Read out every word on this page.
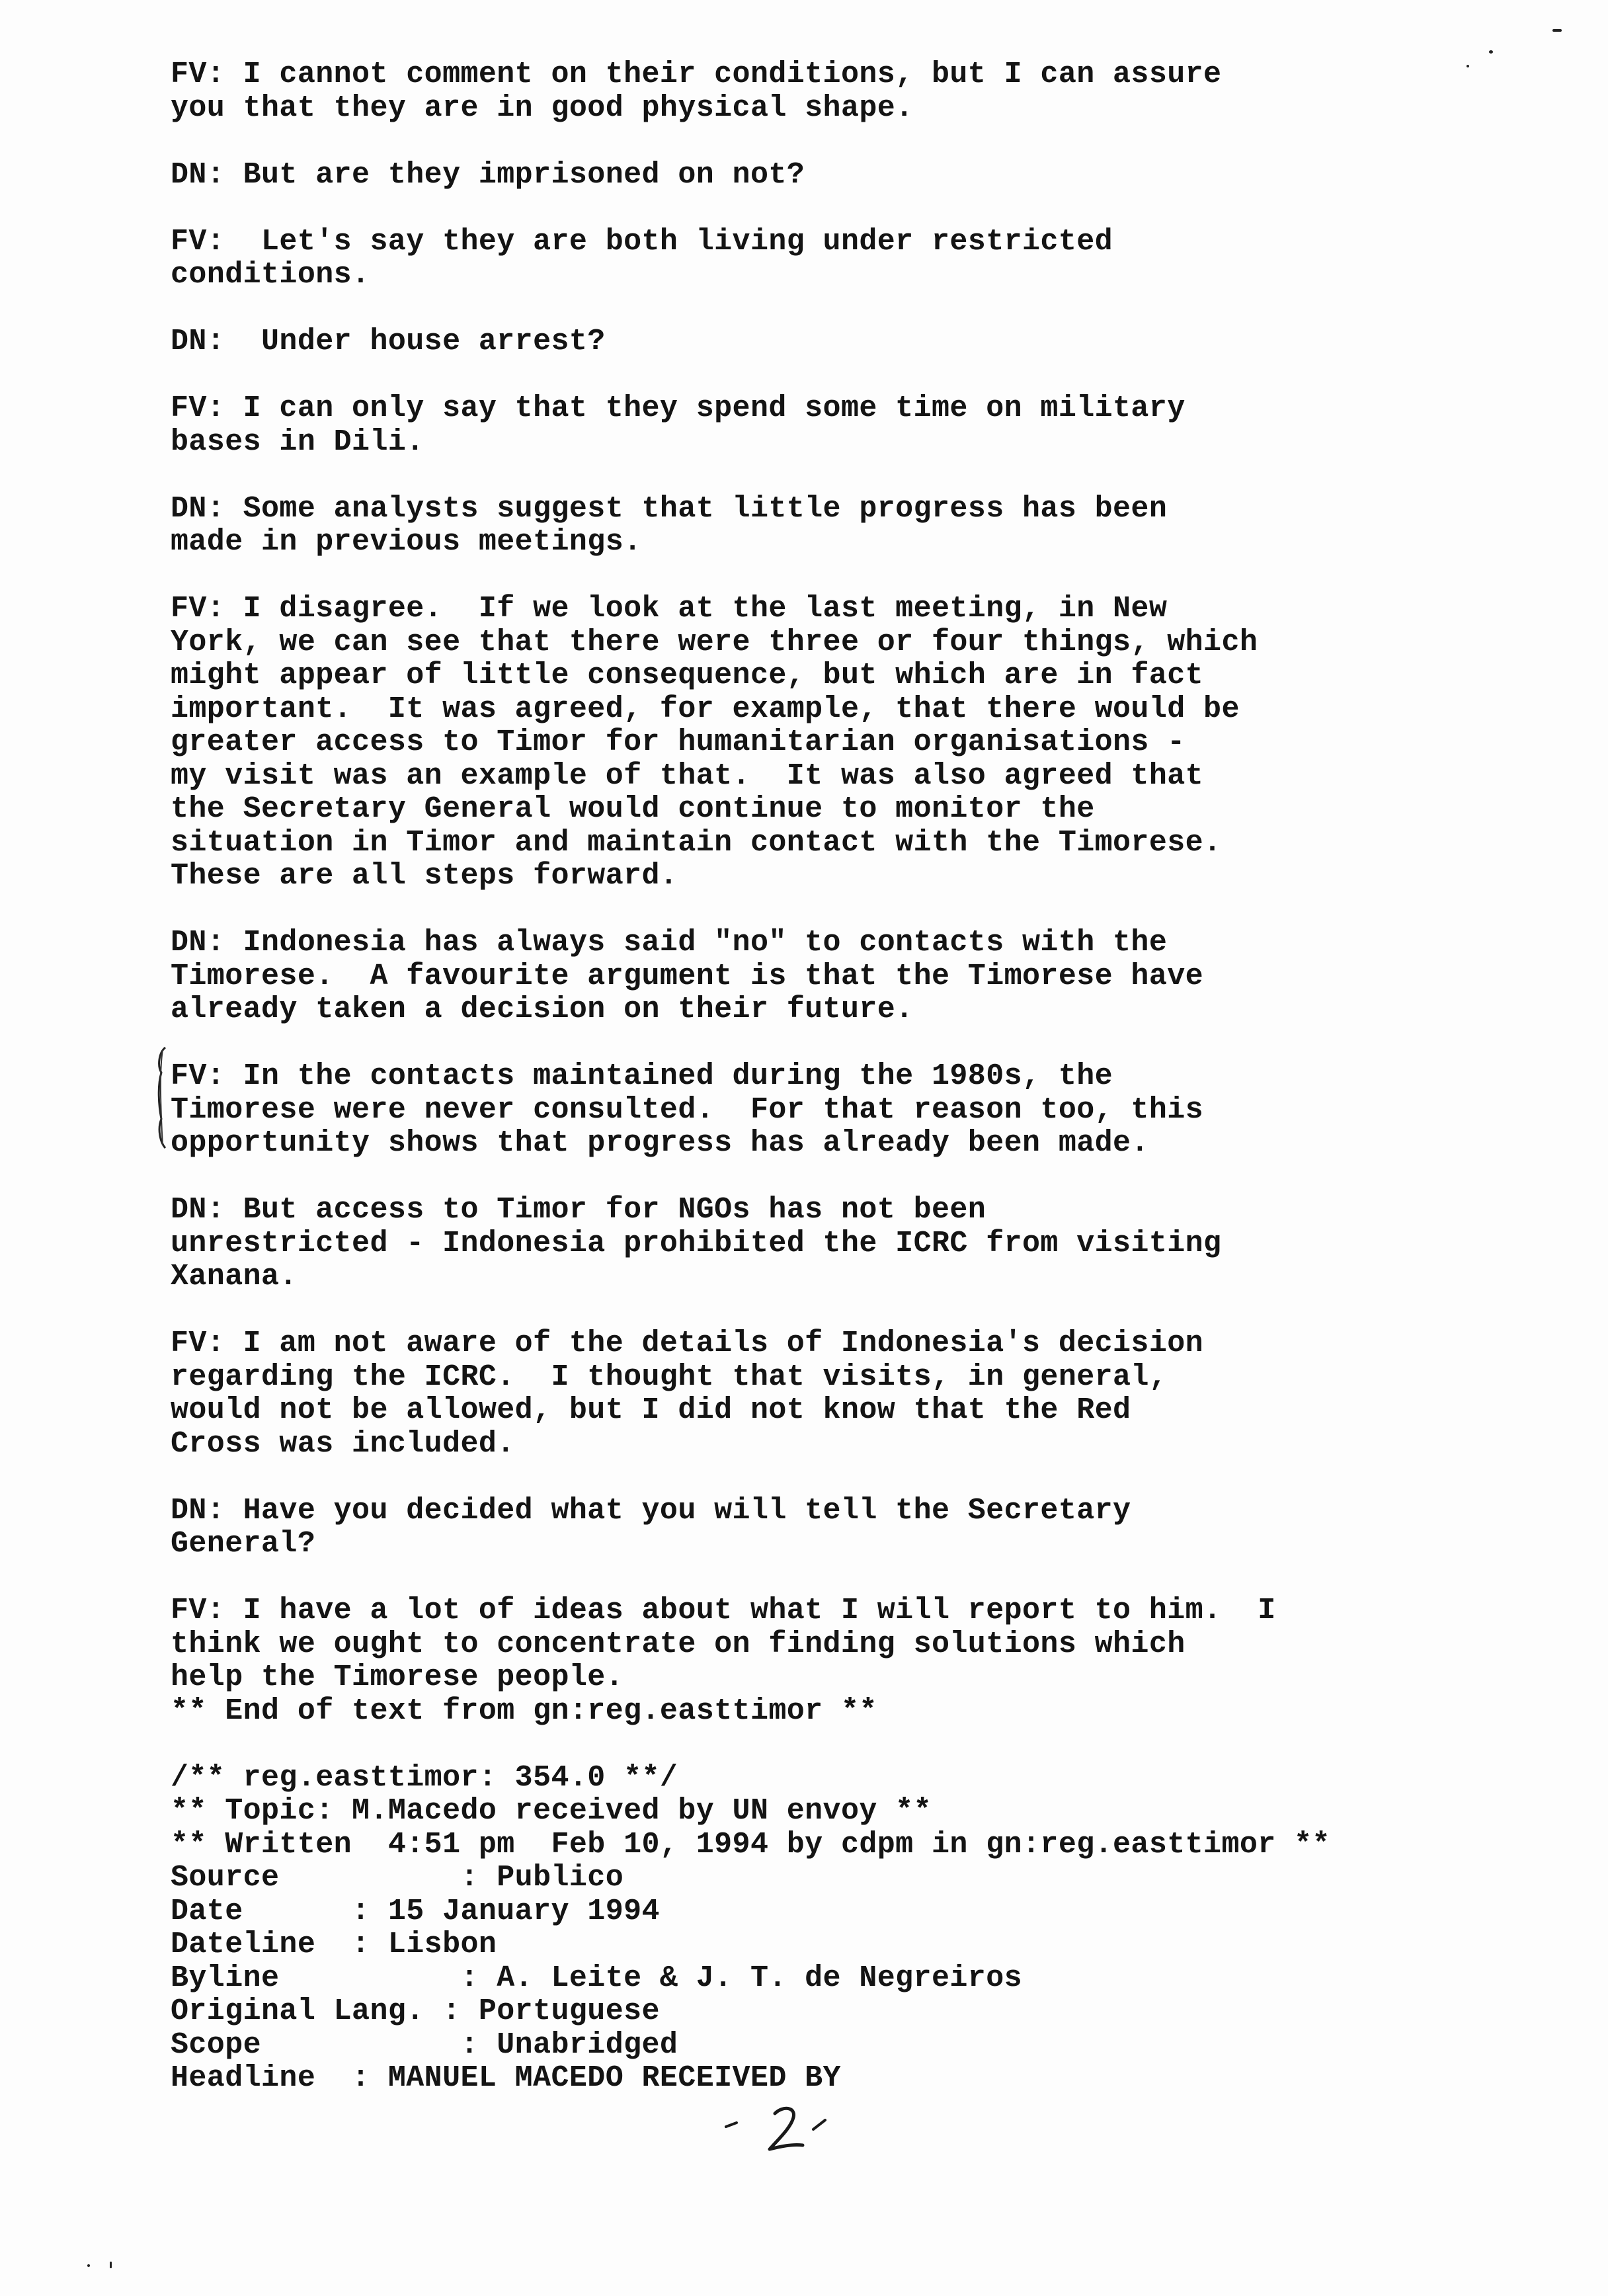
FV: I cannot comment on their conditions, but I can assure
you that they are in good physical shape.

DN: But are they imprisoned on not?

FV:  Let's say they are both living under restricted
conditions.

DN:  Under house arrest?

FV: I can only say that they spend some time on military
bases in Dili.

DN: Some analysts suggest that little progress has been
made in previous meetings.

FV: I disagree.  If we look at the last meeting, in New
York, we can see that there were three or four things, which
might appear of little consequence, but which are in fact
important.  It was agreed, for example, that there would be
greater access to Timor for humanitarian organisations -
my visit was an example of that.  It was also agreed that
the Secretary General would continue to monitor the
situation in Timor and maintain contact with the Timorese.
These are all steps forward.

DN: Indonesia has always said "no" to contacts with the
Timorese.  A favourite argument is that the Timorese have
already taken a decision on their future.

FV: In the contacts maintained during the 1980s, the
Timorese were never consulted.  For that reason too, this
opportunity shows that progress has already been made.

DN: But access to Timor for NGOs has not been
unrestricted - Indonesia prohibited the ICRC from visiting
Xanana.

FV: I am not aware of the details of Indonesia's decision
regarding the ICRC.  I thought that visits, in general,
would not be allowed, but I did not know that the Red
Cross was included.

DN: Have you decided what you will tell the Secretary
General?

FV: I have a lot of ideas about what I will report to him.  I
think we ought to concentrate on finding solutions which
help the Timorese people.

** End of text from gn:reg.easttimor **

/** reg.easttimor: 354.0 **/

** Topic: M.Macedo received by UN envoy **

** Written  4:51 pm  Feb 10, 1994 by cdpm in gn:reg.easttimor **

Source          : Publico

Date      : 15 January 1994

Dateline  : Lisbon

Byline          : A. Leite & J. T. de Negreiros

Original Lang. : Portuguese

Scope           : Unabridged

Headline  : MANUEL MACEDO RECEIVED BY
